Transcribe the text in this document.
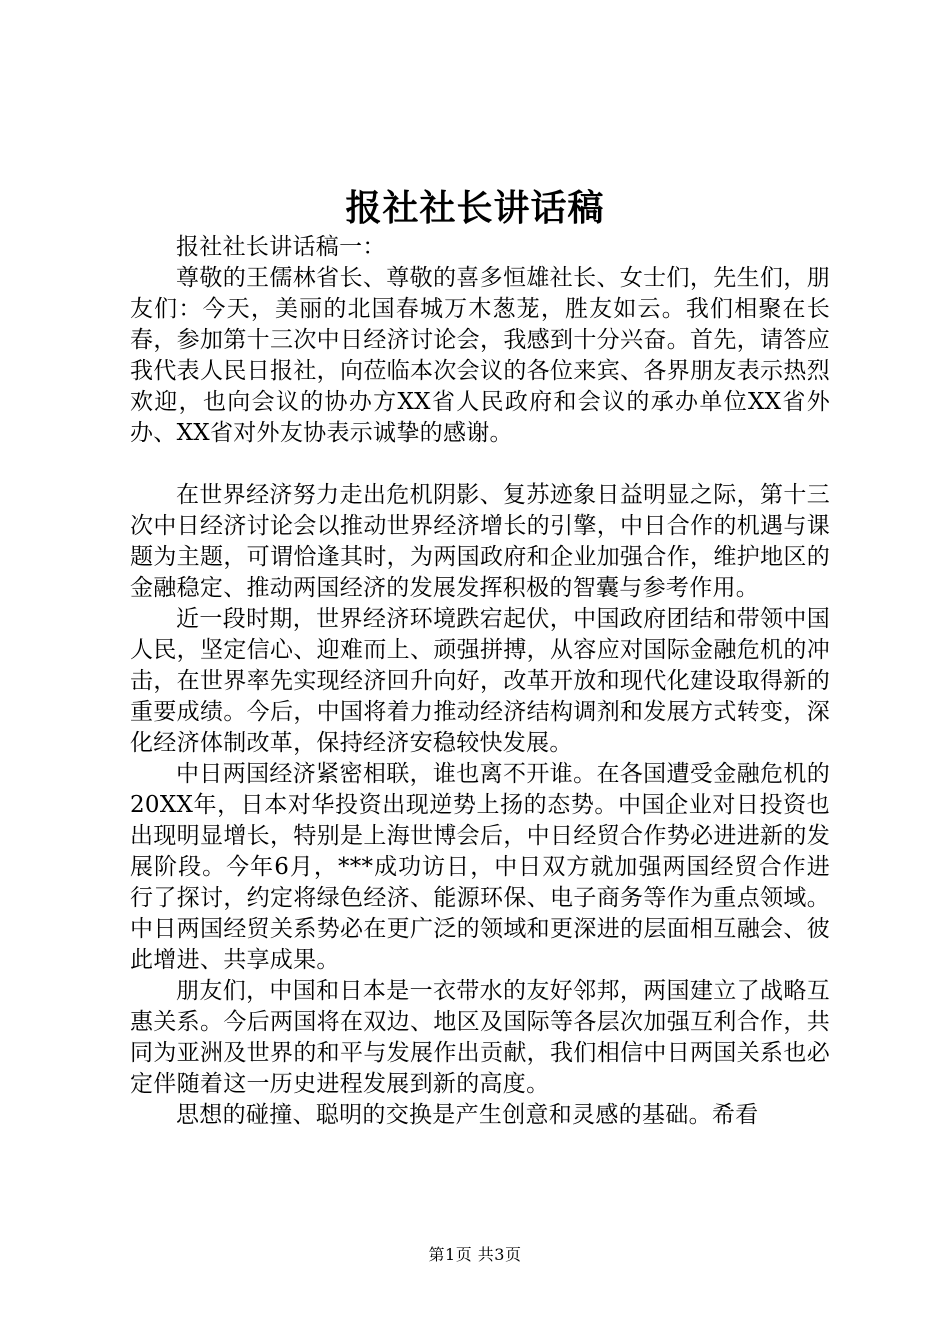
报社社长讲话稿

报社社长讲话稿一：

尊敬的王儒林省长、尊敬的喜多恒雄社长、女士们，先生们，朋友们：今天，美丽的北国春城万木葱茏，胜友如云。我们相聚在长春，参加第十三次中日经济讨论会，我感到十分兴奋。首先，请答应我代表人民日报社，向莅临本次会议的各位来宾、各界朋友表示热烈欢迎，也向会议的协办方XX省人民政府和会议的承办单位XX省外办、XX省对外友协表示诚挚的感谢。

在世界经济努力走出危机阴影、复苏迹象日益明显之际，第十三次中日经济讨论会以推动世界经济增长的引擎，中日合作的机遇与课题为主题，可谓恰逢其时，为两国政府和企业加强合作，维护地区的金融稳定、推动两国经济的发展发挥积极的智囊与参考作用。

近一段时期，世界经济环境跌宕起伏，中国政府团结和带领中国人民，坚定信心、迎难而上、顽强拼搏，从容应对国际金融危机的冲击，在世界率先实现经济回升向好，改革开放和现代化建设取得新的重要成绩。今后，中国将着力推动经济结构调剂和发展方式转变，深化经济体制改革，保持经济安稳较快发展。

中日两国经济紧密相联，谁也离不开谁。在各国遭受金融危机的20XX年，日本对华投资出现逆势上扬的态势。中国企业对日投资也出现明显增长，特别是上海世博会后，中日经贸合作势必进进新的发展阶段。今年6月，***成功访日，中日双方就加强两国经贸合作进行了探讨，约定将绿色经济、能源环保、电子商务等作为重点领域。中日两国经贸关系势必在更广泛的领域和更深进的层面相互融会、彼此增进、共享成果。

朋友们，中国和日本是一衣带水的友好邻邦，两国建立了战略互惠关系。今后两国将在双边、地区及国际等各层次加强互利合作，共同为亚洲及世界的和平与发展作出贡献，我们相信中日两国关系也必定伴随着这一历史进程发展到新的高度。

思想的碰撞、聪明的交换是产生创意和灵感的基础。希看

第1页 共3页
